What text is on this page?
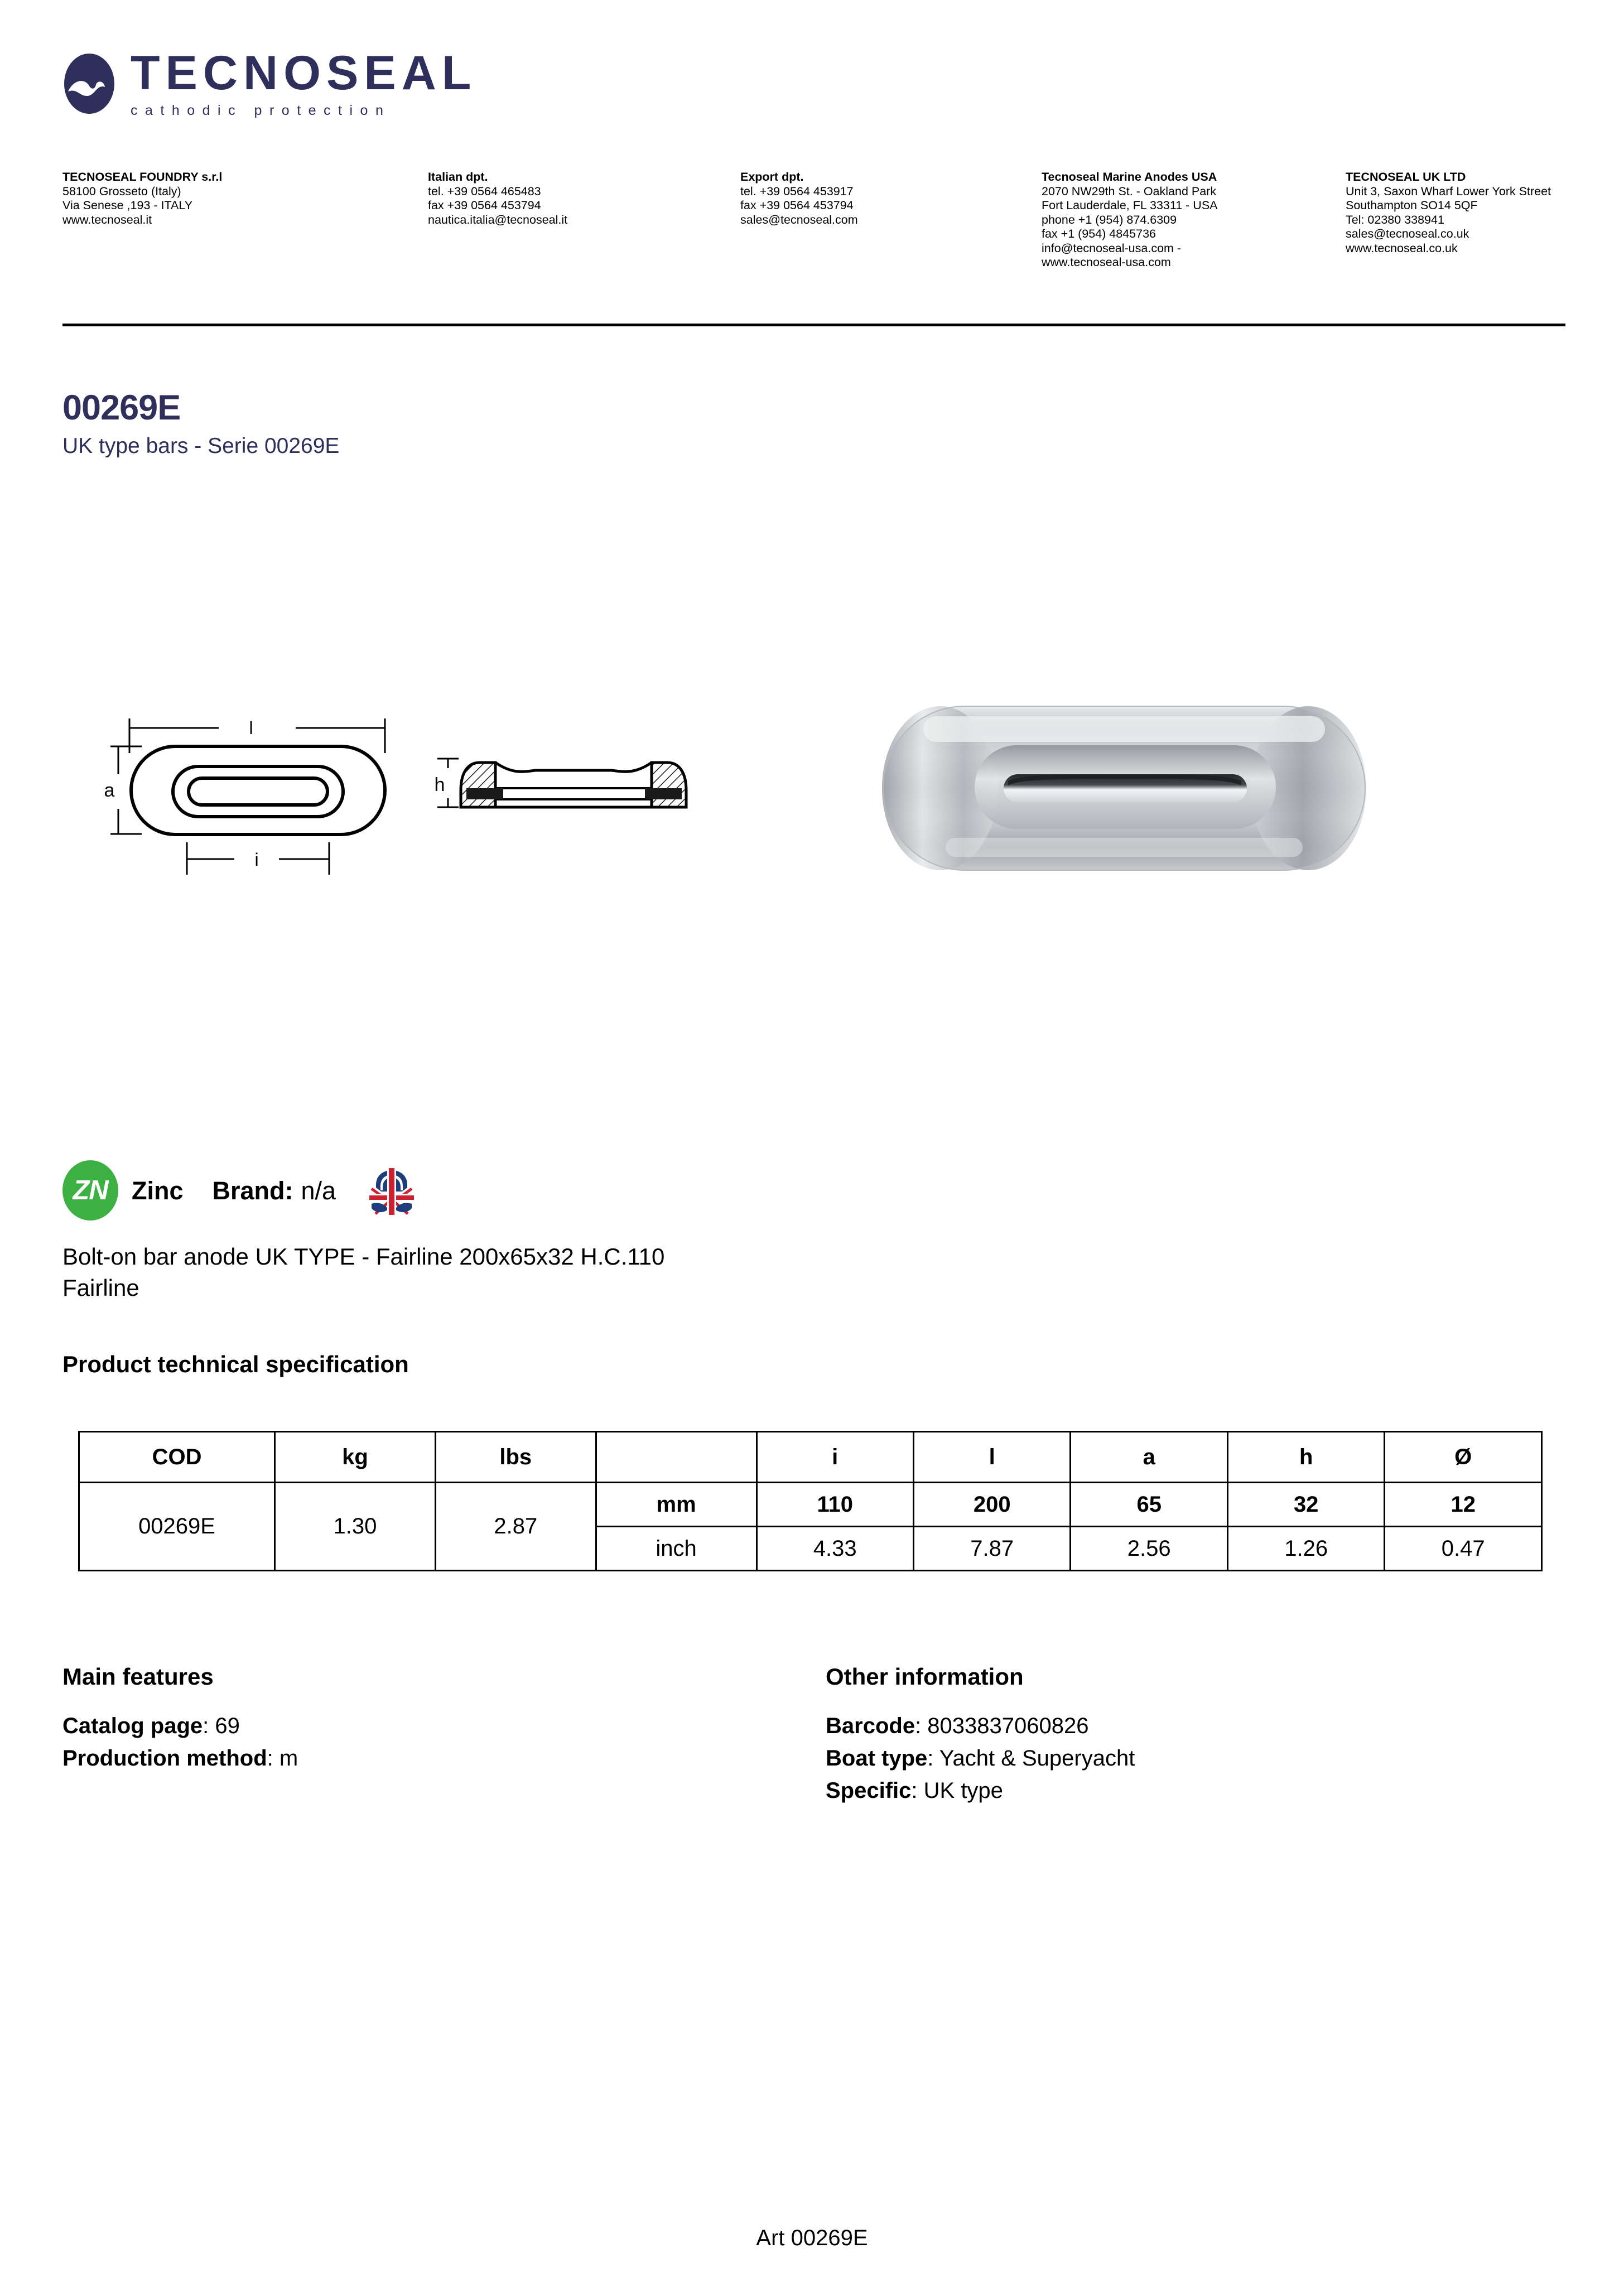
TECNOSEAL
cathodic protection
TECNOSEAL FOUNDRY s.r.l
58100 Grosseto (Italy)
Via Senese ,193 - ITALY
www.tecnoseal.it
Italian dpt.
tel. +39 0564 465483
fax +39 0564 453794
nautica.italia@tecnoseal.it
Export dpt.
tel. +39 0564 453917
fax +39 0564 453794
sales@tecnoseal.com
Tecnoseal Marine Anodes USA
2070 NW29th St. - Oakland Park
Fort Lauderdale, FL 33311 - USA
phone +1 (954) 874.6309
fax +1 (954) 4845736
info@tecnoseal-usa.com -
www.tecnoseal-usa.com
TECNOSEAL UK LTD
Unit 3, Saxon Wharf Lower York Street
Southampton SO14 5QF
Tel: 02380 338941
sales@tecnoseal.co.uk
www.tecnoseal.co.uk
00269E
UK type bars - Serie 00269E
l
a
i
h
ZN Zinc Brand: n/a
Bolt-on bar anode UK TYPE - Fairline 200x65x32 H.C.110
Fairline
Product technical specification
COD	kg	lbs		i	l	a	h	Ø
00269E	1.30	2.87	mm	110	200	65	32	12
			inch	4.33	7.87	2.56	1.26	0.47
Main features
Catalog page: 69
Production method: m
Other information
Barcode: 8033837060826
Boat type: Yacht & Superyacht
Specific: UK type
Art 00269E
